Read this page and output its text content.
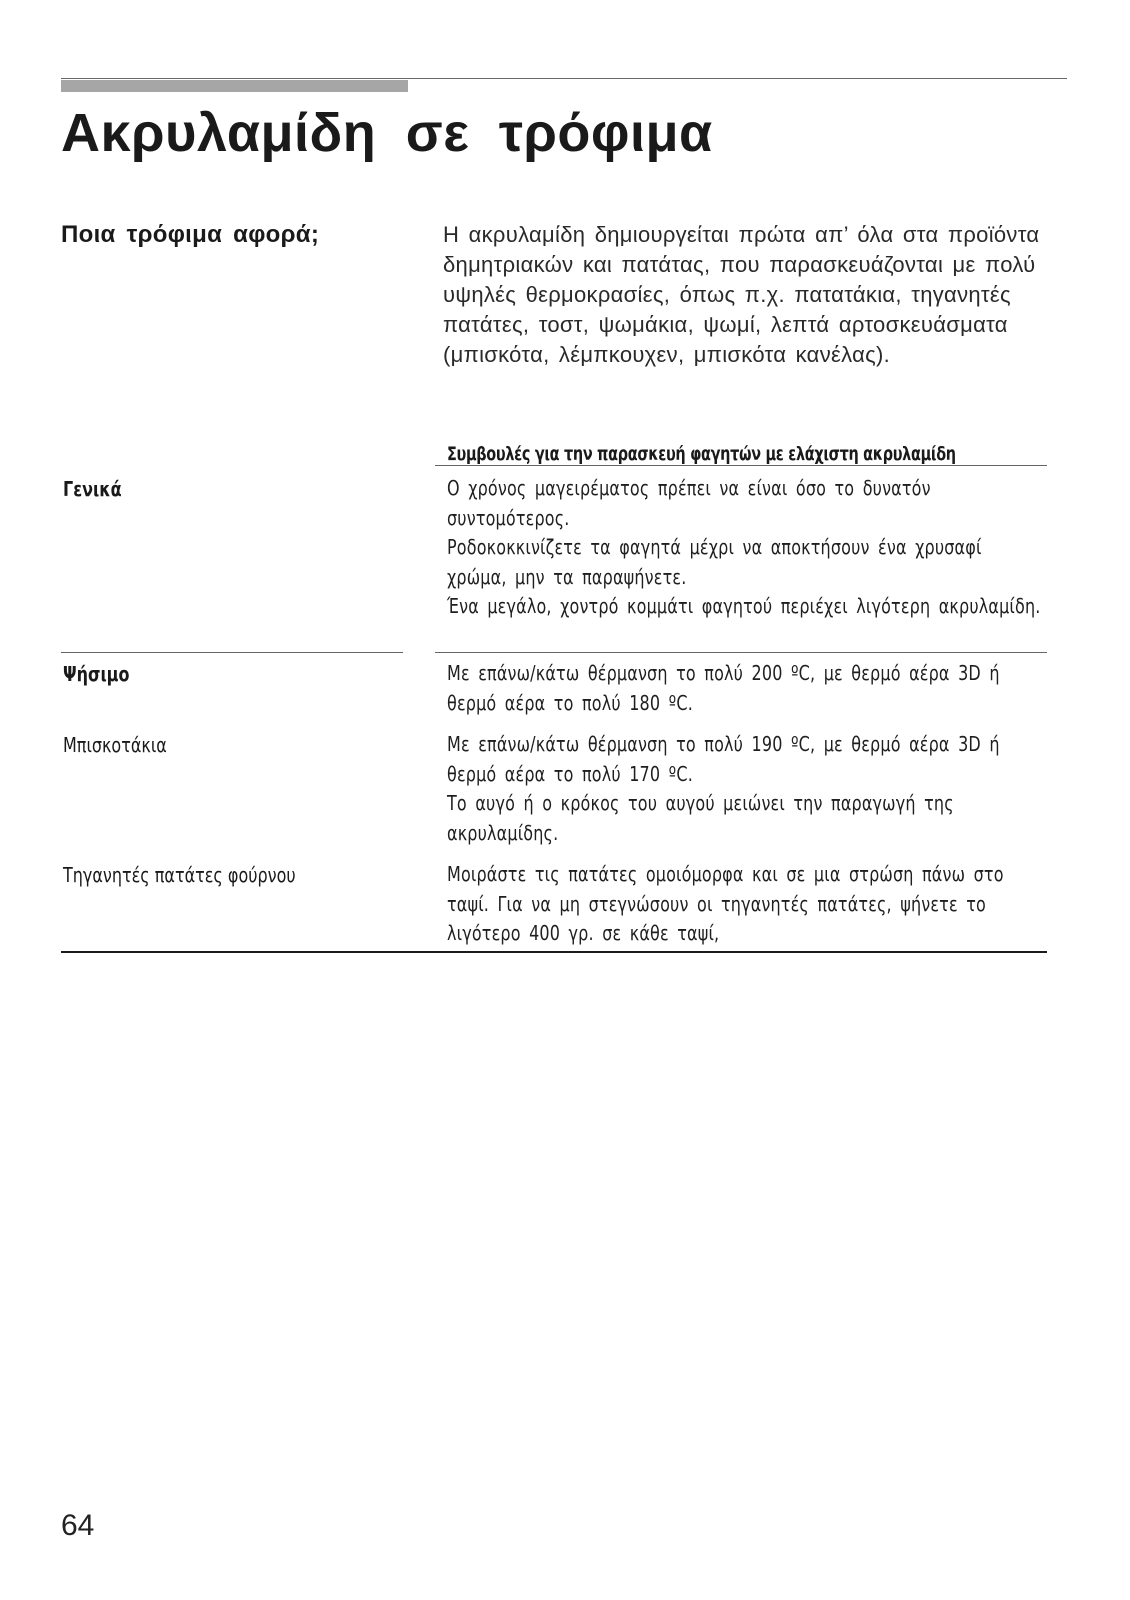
Ακρυλαμίδη σε τρόφιμα
Ποια τρόφιμα αφορά;	Η ακρυλαμίδη δημιουργείται πρώτα απ’ όλα στα προϊόντα δημητριακών και πατάτας, που παρασκευάζονται με πολύ υψηλές θερμοκρασίες, όπως π.χ. πατατάκια, τηγανητές πατάτες, τοστ, ψωμάκια, ψωμί, λεπτά αρτοσκευάσματα (μπισκότα, λέμπκουχεν, μπισκότα κανέλας).
Συμβουλές για την παρασκευή φαγητών με ελάχιστη ακρυλαμίδη
Γενικά	Ο χρόνος μαγειρέματος πρέπει να είναι όσο το δυνατόν συντομότερος.

Ροδοκοκκινίζετε τα φαγητά μέχρι να αποκτήσουν ένα χρυσαφί χρώμα, μην τα παραψήνετε.

Ένα μεγάλο, χοντρό κομμάτι φαγητού περιέχει λιγότερη ακρυλαμίδη.

Ψήσιμο	Με επάνω/κάτω θέρμανση το πολύ 200 ºC, με θερμό αέρα 3D ή θερμό αέρα το πολύ 180 ºC.

Μπισκοτάκια	Με επάνω/κάτω θέρμανση το πολύ 190 ºC, με θερμό αέρα 3D ή θερμό αέρα το πολύ 170 ºC.

Το αυγό ή ο κρόκος του αυγού μειώνει την παραγωγή της ακρυλαμίδης.

Τηγανητές πατάτες φούρνου	Μοιράστε τις πατάτες ομοιόμορφα και σε μια στρώση πάνω στο ταψί. Για να μη στεγνώσουν οι τηγανητές πατάτες, ψήνετε το λιγότερο 400 γρ. σε κάθε ταψί,

64
